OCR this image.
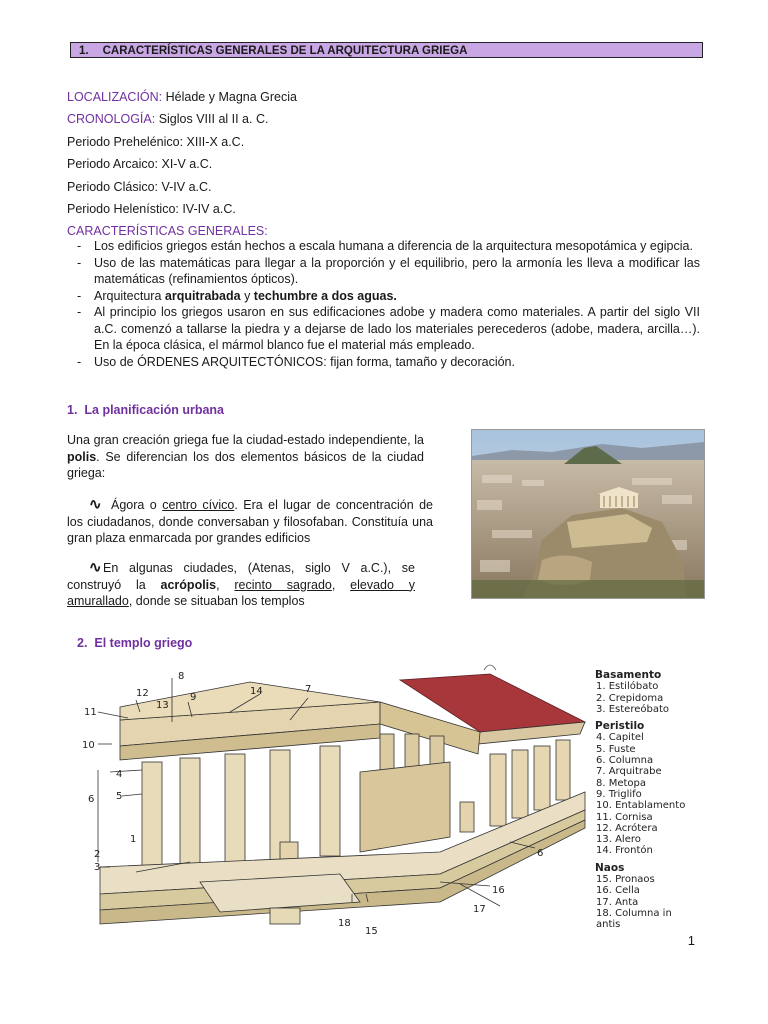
1. CARACTERÍSTICAS GENERALES DE LA ARQUITECTURA GRIEGA
LOCALIZACIÓN: Hélade y Magna Grecia
CRONOLOGÍA: Siglos VIII al II a. C.
Periodo Prehelénico: XIII-X a.C.
Periodo Arcaico: XI-V a.C.
Periodo Clásico: V-IV a.C.
Periodo Helenístico: IV-IV a.C.
CARACTERÍSTICAS GENERALES:
- Los edificios griegos están hechos a escala humana a diferencia de la arquitectura mesopotámica y egipcia.
- Uso de las matemáticas para llegar a la proporción y el equilibrio, pero la armonía les lleva a modificar las matemáticas (refinamientos ópticos).
- Arquitectura arquitrabada y techumbre a dos aguas.
- Al principio los griegos usaron en sus edificaciones adobe y madera como materiales. A partir del siglo VII a.C. comenzó a tallarse la piedra y a dejarse de lado los materiales perecederos (adobe, madera, arcilla…). En la época clásica, el mármol blanco fue el material más empleado.
- Uso de ÓRDENES ARQUITECTÓNICOS: fijan forma, tamaño y decoración.
1. La planificación urbana
Una gran creación griega fue la ciudad-estado independiente, la polis. Se diferencian los dos elementos básicos de la ciudad griega:
∿ Ágora o centro cívico. Era el lugar de concentración de los ciudadanos, donde conversaban y filosofaban. Constituía una gran plaza enmarcada por grandes edificios
∿En algunas ciudades, (Atenas, siglo V a.C.), se construyó la acrópolis, recinto sagrado, elevado y amurallado, donde se situaban los templos
2. El templo griego
1
2
3
4
5
6
7
8
9
10
11
12
13
14
15
16
17
18
6
Basamento
1. Estilóbato
2. Crepidoma
3. Estereóbato
Peristilo
4. Capitel
5. Fuste
6. Columna
7. Arquitrabe
8. Metopa
9. Triglifo
10. Entablamento
11. Cornisa
12. Acrótera
13. Alero
14. Frontón
Naos
15. Pronaos
16. Cella
17. Anta
18. Columna in antis
1
